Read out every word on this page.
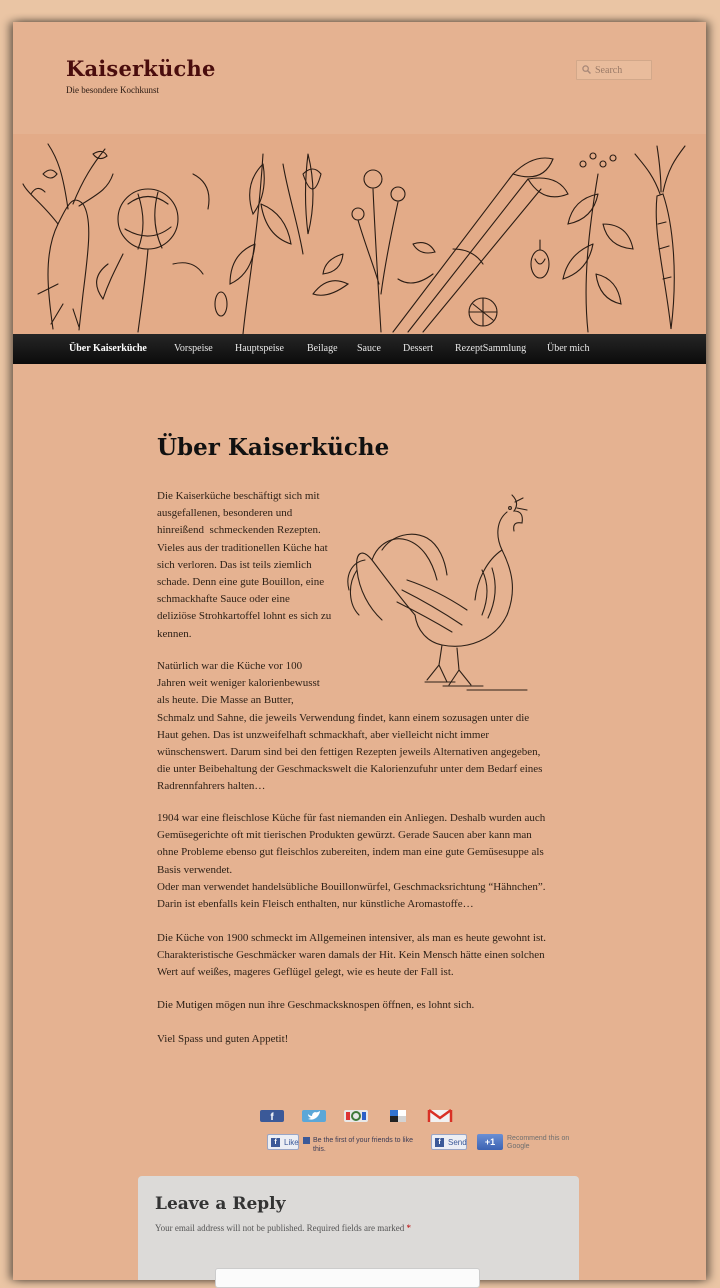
Kaiserküche
Die besondere Kochkunst
Search
Über Kaiserküche	Vorspeise Hauptspeise Beilage Sauce Dessert RezeptSammlung Über mich
Über Kaiserküche

Die Kaiserküche beschäftigt sich mit
ausgefallenen, besonderen und
hinreißend  schmeckenden Rezepten.
Vieles aus der traditionellen Küche hat
sich verloren. Das ist teils ziemlich
schade. Denn eine gute Bouillon, eine
schmackhafte Sauce oder eine
deliziöse Strohkartoffel lohnt es sich zu
kennen.

Natürlich war die Küche vor 100
Jahren weit weniger kalorienbewusst
als heute. Die Masse an Butter,
Schmalz und Sahne, die jeweils Verwendung findet, kann einem sozusagen unter die
Haut gehen. Das ist unzweifelhaft schmackhaft, aber vielleicht nicht immer
wünschenswert. Darum sind bei den fettigen Rezepten jeweils Alternativen angegeben,
die unter Beibehaltung der Geschmackswelt die Kalorienzufuhr unter dem Bedarf eines
Radrennfahrers halten…

1904 war eine fleischlose Küche für fast niemanden ein Anliegen. Deshalb wurden auch
Gemüsegerichte oft mit tierischen Produkten gewürzt. Gerade Saucen aber kann man
ohne Probleme ebenso gut fleischlos zubereiten, indem man eine gute Gemüsesuppe als
Basis verwendet.
Oder man verwendet handelsübliche Bouillonwürfel, Geschmacksrichtung “Hähnchen”.
Darin ist ebenfalls kein Fleisch enthalten, nur künstliche Aromastoffe…

Die Küche von 1900 schmeckt im Allgemeinen intensiver, als man es heute gewohnt ist.
Charakteristische Geschmäcker waren damals der Hit. Kein Mensch hätte einen solchen
Wert auf weißes, mageres Geflügel gelegt, wie es heute der Fall ist.

Die Mutigen mögen nun ihre Geschmacksknospen öffnen, es lohnt sich.

Viel Spass und guten Appetit!

f
f Like	Be the first of your friends to like this.
f Send	+1	Recommend this on Google
Leave a Reply
Your email address will not be published. Required fields are marked *
